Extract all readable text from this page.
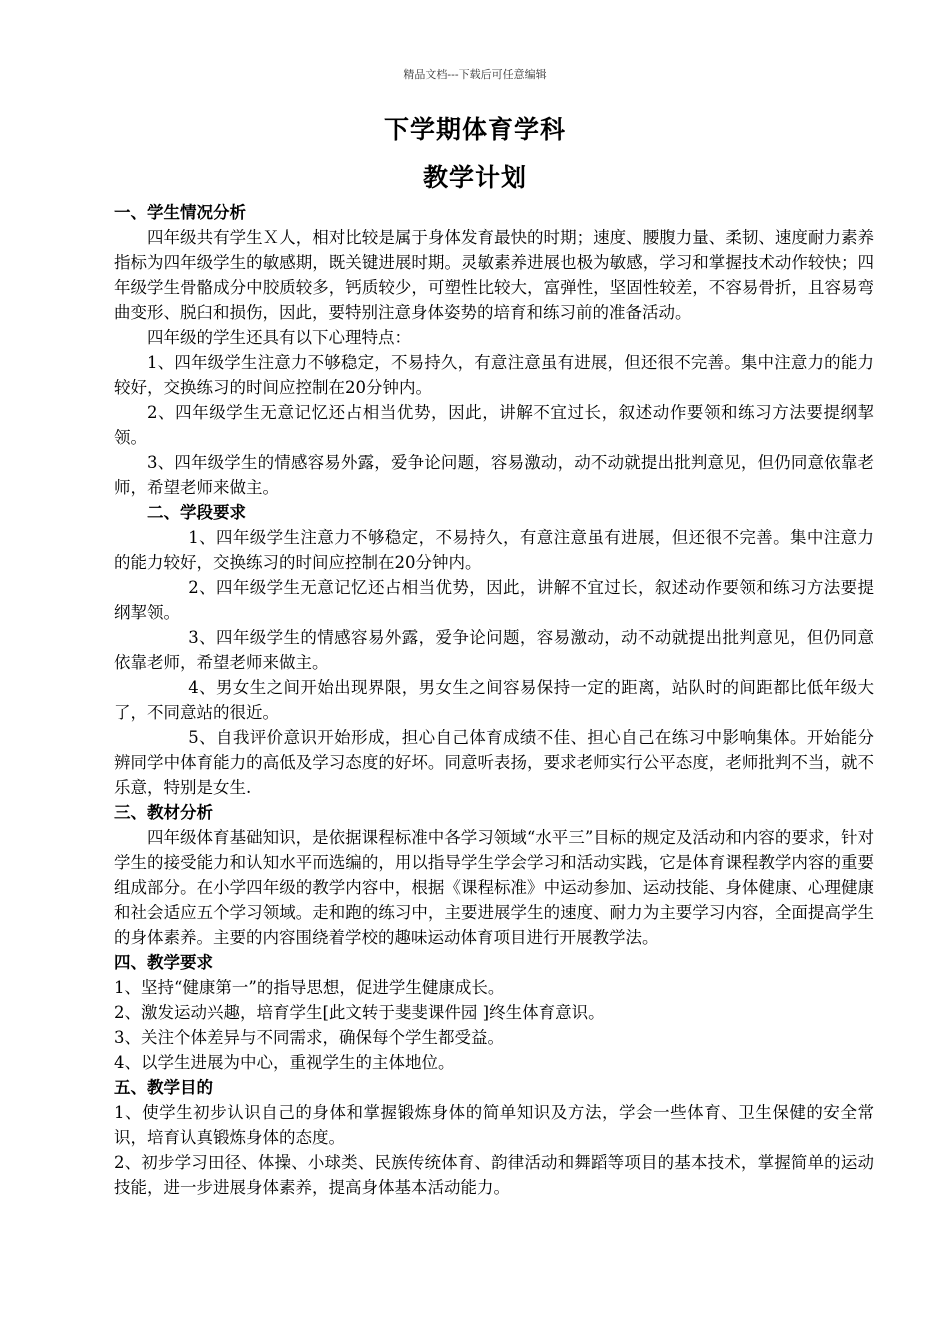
精品文档---下载后可任意编辑
下学期体育学科
教学计划

一、学生情况分析

四年级共有学生Ｘ人，相对比较是属于身体发育最快的时期；速度、腰腹力量、柔韧、速度耐力素养指标为四年级学生的敏感期，既关键进展时期。灵敏素养进展也极为敏感，学习和掌握技术动作较快；四年级学生骨骼成分中胶质较多，钙质较少，可塑性比较大，富弹性，坚固性较差，不容易骨折，且容易弯曲变形、脱臼和损伤，因此，要特别注意身体姿势的培育和练习前的准备活动。

四年级的学生还具有以下心理特点：

1、四年级学生注意力不够稳定，不易持久，有意注意虽有进展，但还很不完善。集中注意力的能力较好，交换练习的时间应控制在20分钟内。

2、四年级学生无意记忆还占相当优势，因此，讲解不宜过长，叙述动作要领和练习方法要提纲挈领。

3、四年级学生的情感容易外露，爱争论问题，容易激动，动不动就提出批判意见，但仍同意依靠老师，希望老师来做主。

二、学段要求

1、四年级学生注意力不够稳定，不易持久，有意注意虽有进展，但还很不完善。集中注意力的能力较好，交换练习的时间应控制在20分钟内。

2、四年级学生无意记忆还占相当优势，因此，讲解不宜过长，叙述动作要领和练习方法要提纲挈领。

3、四年级学生的情感容易外露，爱争论问题，容易激动，动不动就提出批判意见，但仍同意依靠老师，希望老师来做主。

4、男女生之间开始出现界限，男女生之间容易保持一定的距离，站队时的间距都比低年级大了，不同意站的很近。

5、自我评价意识开始形成，担心自己体育成绩不佳、担心自己在练习中影响集体。开始能分辨同学中体育能力的高低及学习态度的好坏。同意听表扬，要求老师实行公平态度，老师批判不当，就不乐意，特别是女生.

三、教材分析

四年级体育基础知识，是依据课程标准中各学习领域“水平三”目标的规定及活动和内容的要求，针对学生的接受能力和认知水平而选编的，用以指导学生学会学习和活动实践，它是体育课程教学内容的重要组成部分。在小学四年级的教学内容中，根据《课程标准》中运动参加、运动技能、身体健康、心理健康和社会适应五个学习领域。走和跑的练习中，主要进展学生的速度、耐力为主要学习内容，全面提高学生的身体素养。主要的内容围绕着学校的趣味运动体育项目进行开展教学法。

四、教学要求

1、坚持“健康第一”的指导思想，促进学生健康成长。

2、激发运动兴趣，培育学生[此文转于斐斐课件园 ]终生体育意识。

3、关注个体差异与不同需求，确保每个学生都受益。

4、以学生进展为中心，重视学生的主体地位。

五、教学目的

1、使学生初步认识自己的身体和掌握锻炼身体的简单知识及方法，学会一些体育、卫生保健的安全常识，培育认真锻炼身体的态度。

2、初步学习田径、体操、小球类、民族传统体育、韵律活动和舞蹈等项目的基本技术，掌握简单的运动技能，进一步进展身体素养，提高身体基本活动能力。
